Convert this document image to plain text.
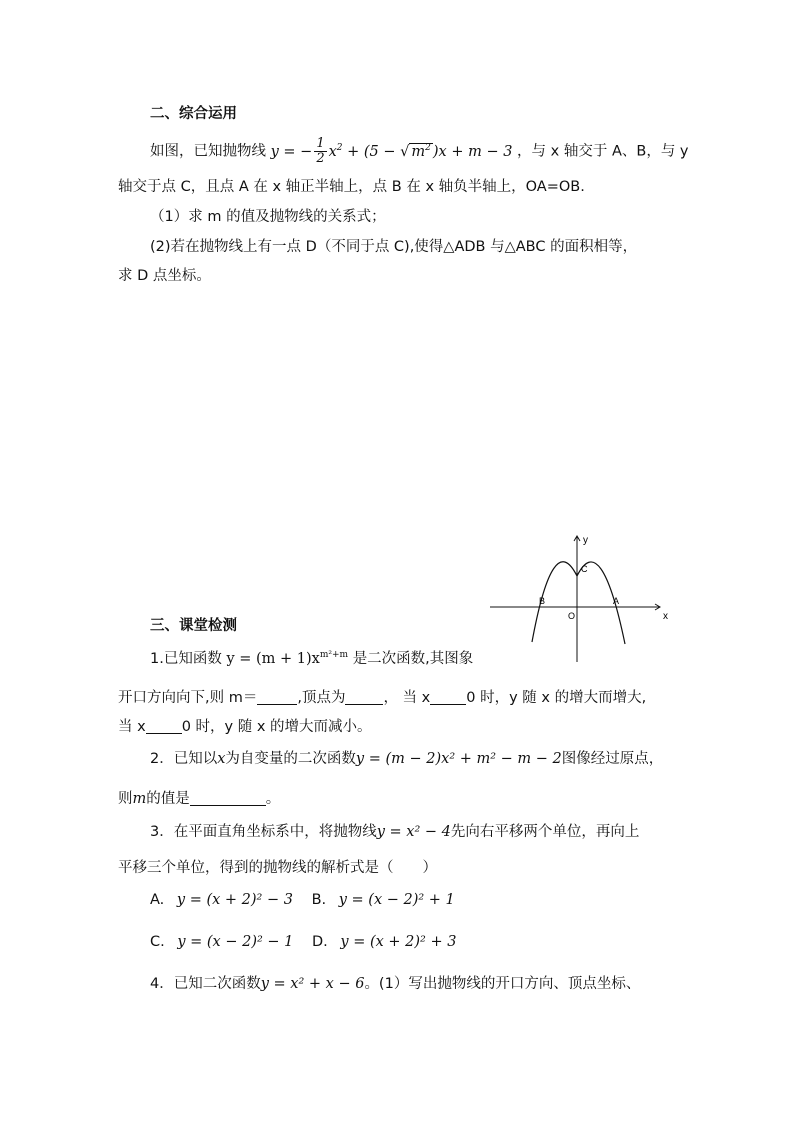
二、综合运用
如图，已知抛物线 y = − $\frac{1}{2} x^2 + (5$ − √ $m^2$ )x + m − 3 ，与 x 轴交于 A、B，与 y
轴交于点 C，且点 A 在 x 轴正半轴上，点 B 在 x 轴负半轴上，OA=OB.
（1）求 m 的值及抛物线的关系式；
(2)若在抛物线上有一点 D（不同于点 C),使得△ADB 与△ABC 的面积相等，
求 D 点坐标。
y
x
C
B	A
O
三、课堂检测
1.已知函数 $y = (m + 1)x^{m^2+m}$ 是二次函数,其图象
开口方向向下,则 m＝	,顶点为	， 当 x 0 时，y 随 x 的增大而增大,
当 x 0 时，y 随 x 的增大而减小。
2．已知以x为自变量的二次函数y = (m − 2)x² + m² − m − 2图像经过原点，
则m的值是	。
3．在平面直角坐标系中，将抛物线y = x² − 4先向右平移两个单位，再向上
平移三个单位，得到的抛物线的解析式是（　　）
A. y = (x + 2)² − 3 B. y = (x − 2)² + 1
C. y = (x − 2)² − 1 D. y = (x + 2)² + 3
4．已知二次函数y = x² + x − 6。(1）写出抛物线的开口方向、顶点坐标、
